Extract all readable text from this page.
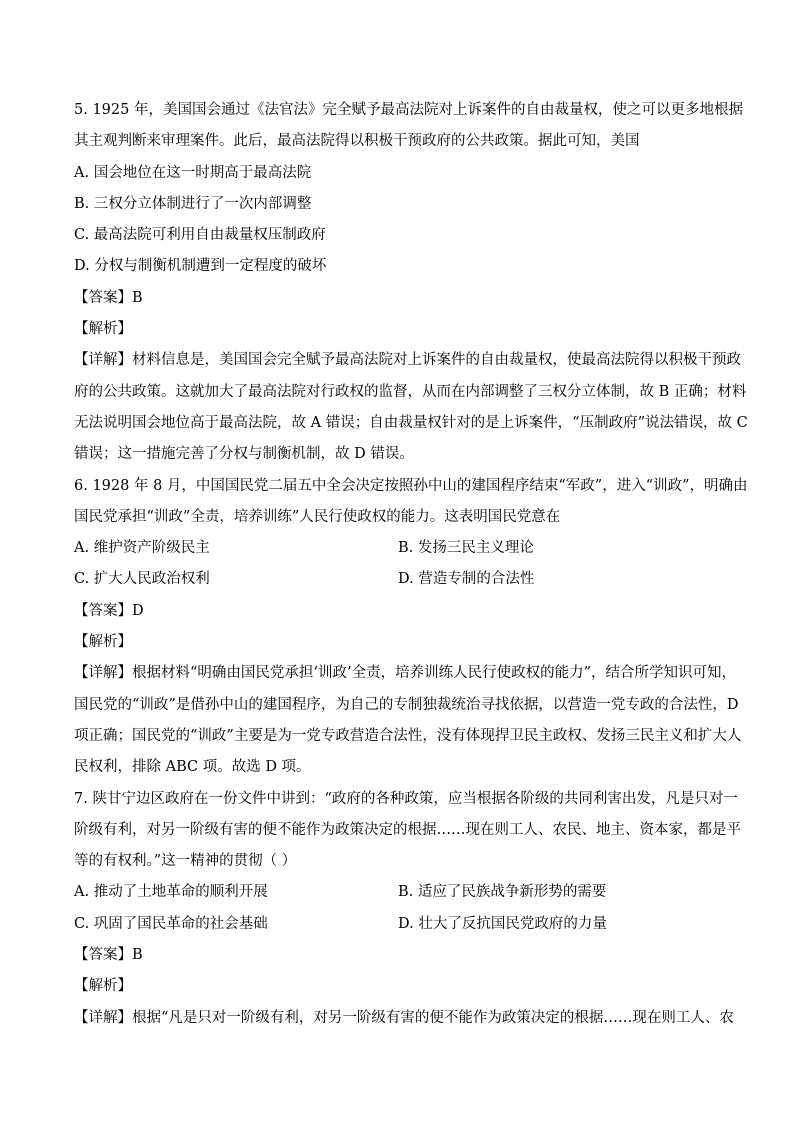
5. 1925 年，美国国会通过《法官法》完全赋予最高法院对上诉案件的自由裁量权，使之可以更多地根据
其主观判断来审理案件。此后，最高法院得以积极干预政府的公共政策。据此可知，美国
A. 国会地位在这一时期高于最高法院
B. 三权分立体制进行了一次内部调整
C. 最高法院可利用自由裁量权压制政府
D. 分权与制衡机制遭到一定程度的破坏
【答案】B
【解析】
【详解】材料信息是，美国国会完全赋予最高法院对上诉案件的自由裁量权，使最高法院得以积极干预政
府的公共政策。这就加大了最高法院对行政权的监督，从而在内部调整了三权分立体制，故 B 正确；材料
无法说明国会地位高于最高法院，故 A 错误；自由裁量权针对的是上诉案件，“压制政府”说法错误，故 C
错误；这一措施完善了分权与制衡机制，故 D 错误。
6. 1928 年 8 月，中国国民党二届五中全会决定按照孙中山的建国程序结束“军政”，进入“训政”，明确由
国民党承担“训政”全责，培养训练”人民行使政权的能力。这表明国民党意在
A. 维护资产阶级民主	B. 发扬三民主义理论
C. 扩大人民政治权利	D. 营造专制的合法性
【答案】D
【解析】
【详解】根据材料“明确由国民党承担‘训政’全责，培养训练人民行使政权的能力”，结合所学知识可知，
国民党的“训政”是借孙中山的建国程序，为自己的专制独裁统治寻找依据，以营造一党专政的合法性，D
项正确；国民党的“训政”主要是为一党专政营造合法性，没有体现捍卫民主政权、发扬三民主义和扩大人
民权利，排除 ABC 项。故选 D 项。
7. 陕甘宁边区政府在一份文件中讲到：“政府的各种政策，应当根据各阶级的共同利害出发，凡是只对一
阶级有利，对另一阶级有害的便不能作为政策决定的根据……现在则工人、农民、地主、资本家，都是平
等的有权利。”这一精神的贯彻（ ）
A. 推动了土地革命的顺利开展	B. 适应了民族战争新形势的需要
C. 巩固了国民革命的社会基础	D. 壮大了反抗国民党政府的力量
【答案】B
【解析】
【详解】根据“凡是只对一阶级有利，对另一阶级有害的便不能作为政策决定的根据……现在则工人、农
